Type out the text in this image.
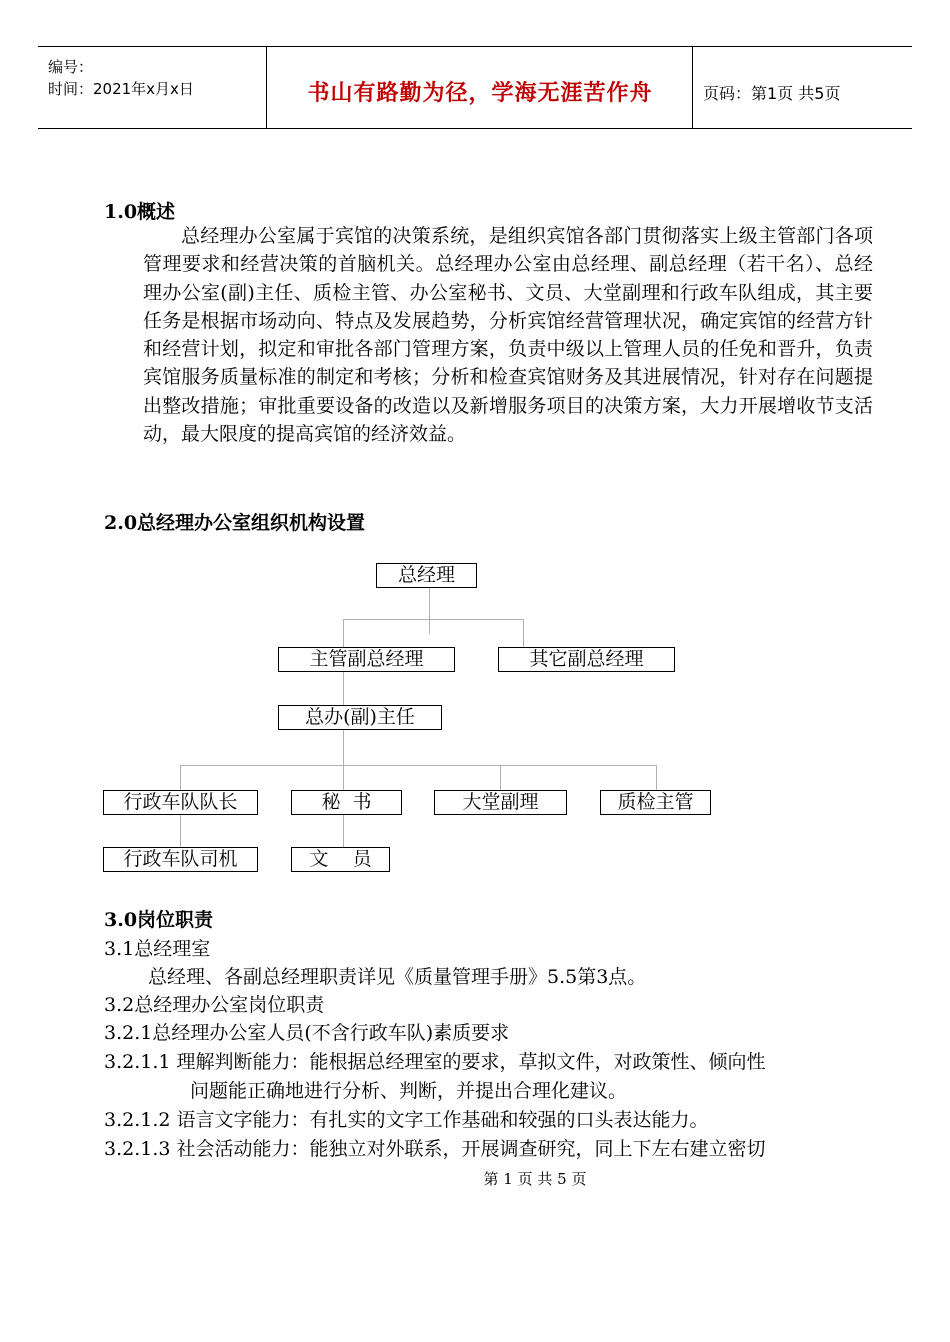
编号：
时间：2021年x月x日	书山有路勤为径，学海无涯苦作舟	页码：第1页 共5页
1.0概述
总经理办公室属于宾馆的决策系统，是组织宾馆各部门贯彻落实上级主管部门各项管理要求和经营决策的首脑机关。总经理办公室由总经理、副总经理（若干名）、总经理办公室(副)主任、质检主管、办公室秘书、文员、大堂副理和行政车队组成，其主要任务是根据市场动向、特点及发展趋势，分析宾馆经营管理状况，确定宾馆的经营方针和经营计划，拟定和审批各部门管理方案，负责中级以上管理人员的任免和晋升，负责宾馆服务质量标准的制定和考核；分析和检查宾馆财务及其进展情况，针对存在问题提出整改措施；审批重要设备的改造以及新增服务项目的决策方案，大力开展增收节支活动，最大限度的提高宾馆的经济效益。
2.0总经理办公室组织机构设置
总经理
主管副总经理	其它副总经理
总办(副)主任
行政车队队长	秘  书	大堂副理	质检主管
行政车队司机	文    员
3.0岗位职责
3.1总经理室
总经理、各副总经理职责详见《质量管理手册》5.5第3点。
3.2总经理办公室岗位职责
3.2.1总经理办公室人员(不含行政车队)素质要求
3.2.1.1 理解判断能力：能根据总经理室的要求，草拟文件，对政策性、倾向性
问题能正确地进行分析、判断，并提出合理化建议。
3.2.1.2 语言文字能力：有扎实的文字工作基础和较强的口头表达能力。
3.2.1.3 社会活动能力：能独立对外联系，开展调查研究，同上下左右建立密切
第 1 页 共 5 页
